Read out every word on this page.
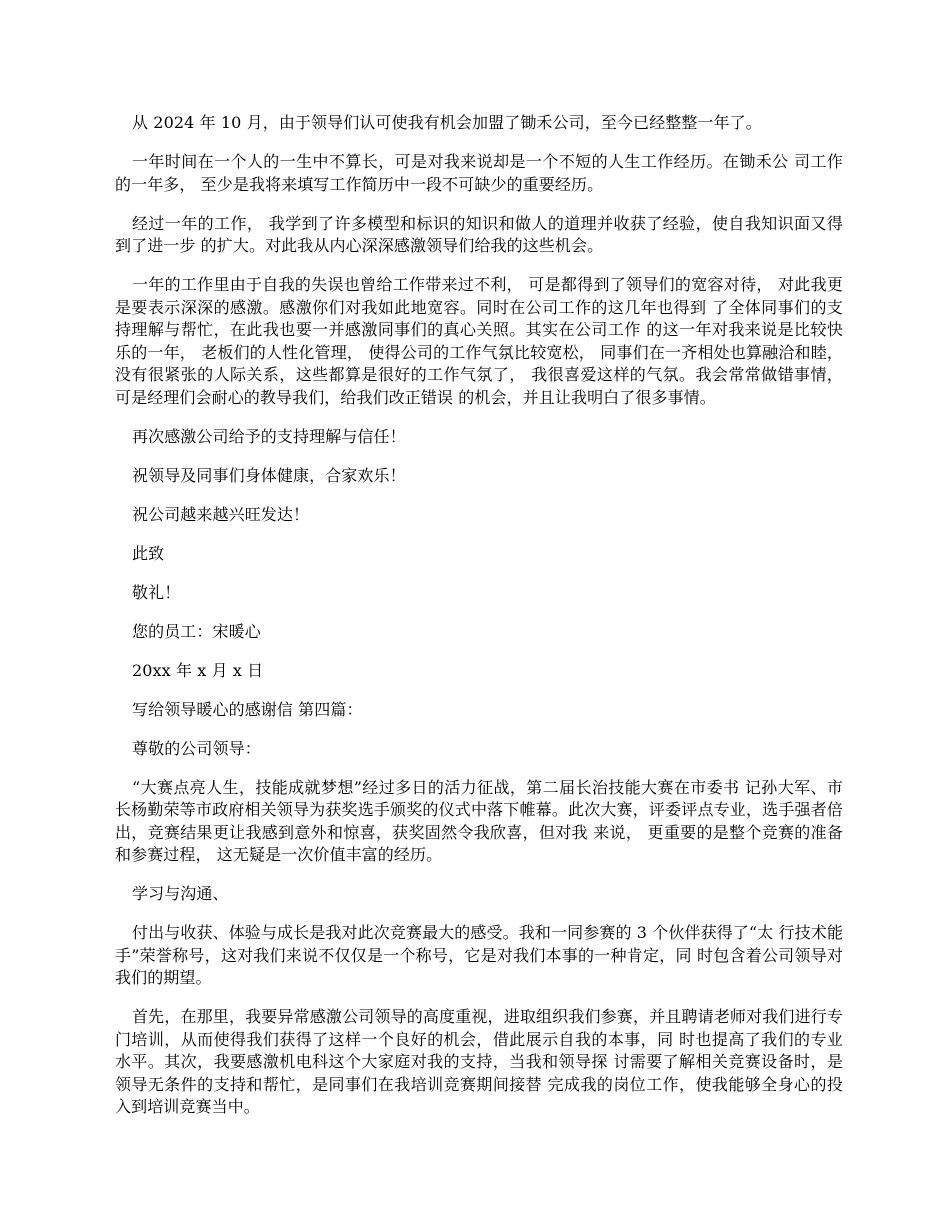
从 2024 年 10 月，由于领导们认可使我有机会加盟了锄禾公司，至今已经整整一年了。

一年时间在一个人的一生中不算长，可是对我来说却是一个不短的人生工作经历。在锄禾公 司工作的一年多， 至少是我将来填写工作简历中一段不可缺少的重要经历。

经过一年的工作， 我学到了许多模型和标识的知识和做人的道理并收获了经验，使自我知识面又得到了进一步 的扩大。对此我从内心深深感激领导们给我的这些机会。

一年的工作里由于自我的失误也曾给工作带来过不利， 可是都得到了领导们的宽容对待， 对此我更是要表示深深的感激。感激你们对我如此地宽容。同时在公司工作的这几年也得到 了全体同事们的支持理解与帮忙，在此我也要一并感激同事们的真心关照。其实在公司工作 的这一年对我来说是比较快乐的一年， 老板们的人性化管理， 使得公司的工作气氛比较宽松， 同事们在一齐相处也算融洽和睦，没有很紧张的人际关系，这些都算是很好的工作气氛了， 我很喜爱这样的气氛。我会常常做错事情，可是经理们会耐心的教导我们，给我们改正错误 的机会，并且让我明白了很多事情。

再次感激公司给予的支持理解与信任！

祝领导及同事们身体健康，合家欢乐！

祝公司越来越兴旺发达！

此致

敬礼！

您的员工：宋暖心

20xx 年 x 月 x 日

写给领导暖心的感谢信 第四篇：

尊敬的公司领导：

“大赛点亮人生，技能成就梦想”经过多日的活力征战，第二届长治技能大赛在市委书 记孙大军、市长杨勤荣等市政府相关领导为获奖选手颁奖的仪式中落下帷幕。此次大赛，评委评点专业，选手强者倍出，竞赛结果更让我感到意外和惊喜，获奖固然令我欣喜，但对我 来说， 更重要的是整个竞赛的准备和参赛过程， 这无疑是一次价值丰富的经历。

学习与沟通、

付出与收获、体验与成长是我对此次竞赛最大的感受。我和一同参赛的 3 个伙伴获得了“太 行技术能手”荣誉称号，这对我们来说不仅仅是一个称号，它是对我们本事的一种肯定，同 时包含着公司领导对我们的期望。

首先，在那里，我要异常感激公司领导的高度重视，进取组织我们参赛，并且聘请老师对我们进行专门培训，从而使得我们获得了这样一个良好的机会，借此展示自我的本事，同 时也提高了我们的专业水平。其次，我要感激机电科这个大家庭对我的支持，当我和领导探 讨需要了解相关竞赛设备时，是领导无条件的支持和帮忙，是同事们在我培训竞赛期间接替 完成我的岗位工作，使我能够全身心的投入到培训竞赛当中。
